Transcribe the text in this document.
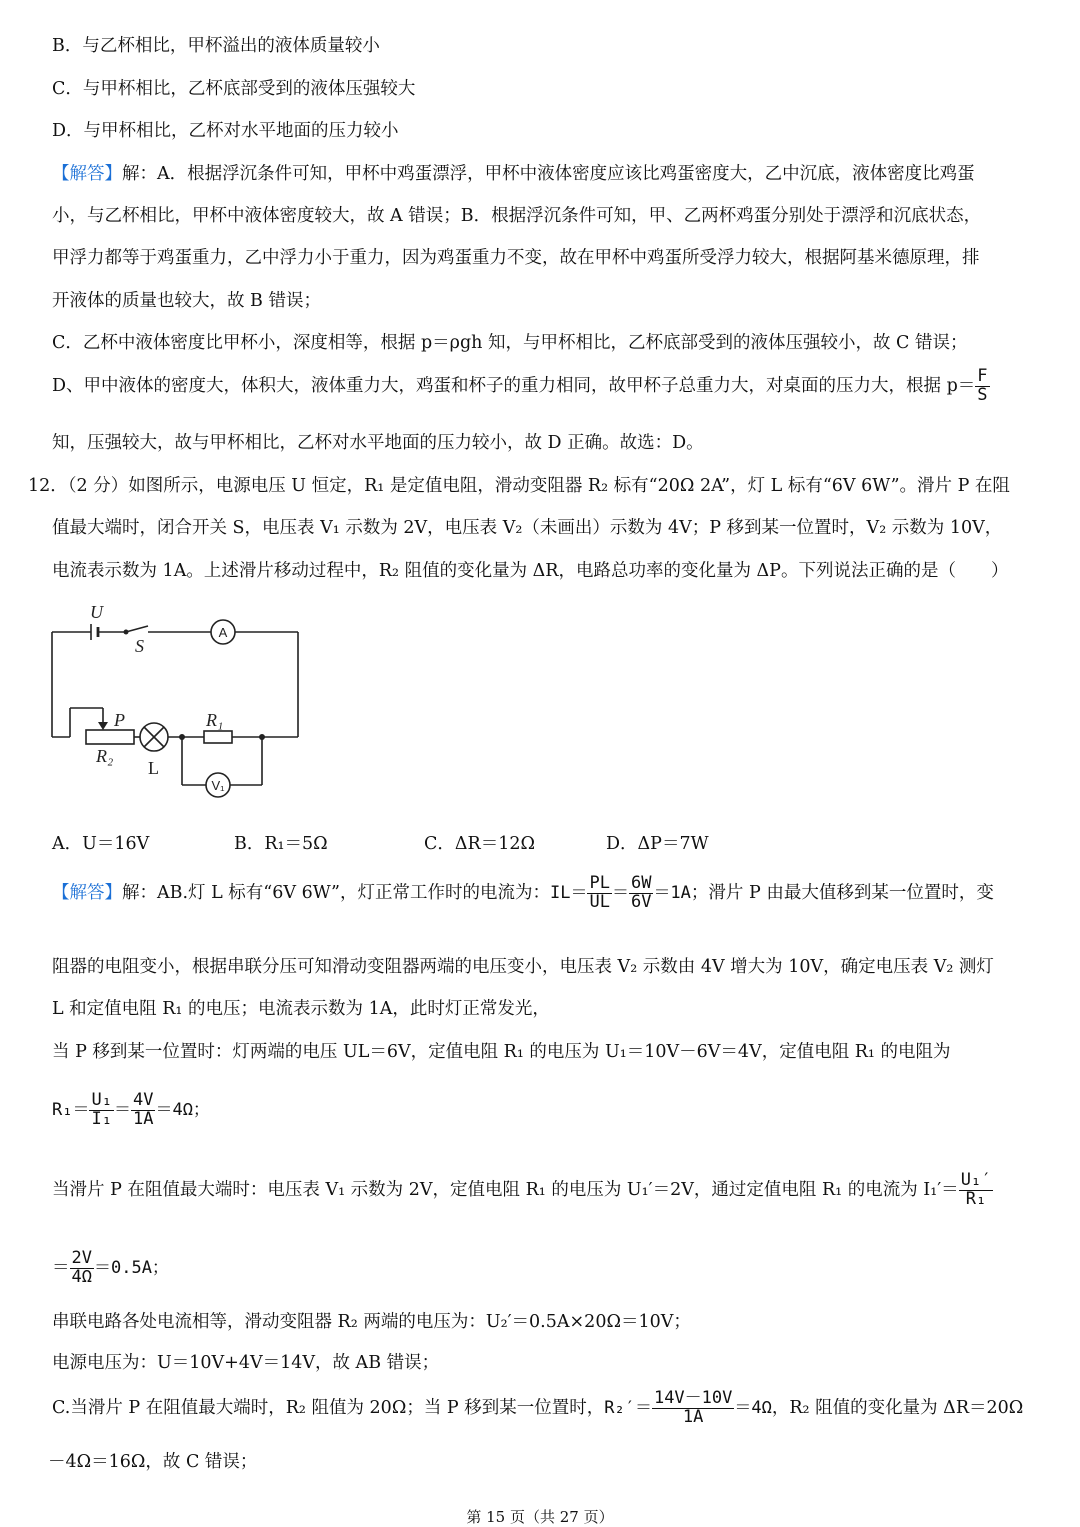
B．与乙杯相比，甲杯溢出的液体质量较小
C．与甲杯相比，乙杯底部受到的液体压强较大
D．与甲杯相比，乙杯对水平地面的压力较小
【解答】解：A．根据浮沉条件可知，甲杯中鸡蛋漂浮，甲杯中液体密度应该比鸡蛋密度大，乙中沉底，液体密度比鸡蛋
小，与乙杯相比，甲杯中液体密度较大，故 A 错误；B．根据浮沉条件可知，甲、乙两杯鸡蛋分别处于漂浮和沉底状态，
甲浮力都等于鸡蛋重力，乙中浮力小于重力，因为鸡蛋重力不变，故在甲杯中鸡蛋所受浮力较大，根据阿基米德原理，排
开液体的质量也较大，故 B 错误；
C．乙杯中液体密度比甲杯小，深度相等，根据 p＝ρgh 知，与甲杯相比，乙杯底部受到的液体压强较小，故 C 错误；
D、甲中液体的密度大，体积大，液体重力大，鸡蛋和杯子的重力相同，故甲杯子总重力大，对桌面的压力大，根据 $p= \frac{F}{S}$
知，压强较大，故与甲杯相比，乙杯对水平地面的压力较小，故 D 正确。故选：D。
12．（2 分）如图所示，电源电压 U 恒定，R₁ 是定值电阻，滑动变阻器 R₂ 标有“20Ω 2A”，灯 L 标有“6V 6W”。滑片 P 在阻
值最大端时，闭合开关 S，电压表 V₁ 示数为 2V，电压表 V₂（未画出）示数为 4V；P 移到某一位置时，V₂ 示数为 10V，
电流表示数为 1A。上述滑片移动过程中，R₂ 阻值的变化量为 ΔR，电路总功率的变化量为 ΔP。下列说法正确的是（　　）
U
S
P	R₁
R₂
L
A
V₁
A．U＝16V	B．R₁＝5Ω	C．ΔR＝12Ω	D．ΔP＝7W
【解答】解：AB.灯 L 标有“6V 6W”，灯正常工作时的电流为：$IL= \frac{PL}{UL} = \frac{6W}{6V} =1A$；滑片 P 由最大值移到某一位置时，变
阻器的电阻变小，根据串联分压可知滑动变阻器两端的电压变小，电压表 V₂ 示数由 4V 增大为 10V，确定电压表 V₂ 测灯
L 和定值电阻 R₁ 的电压；电流表示数为 1A，此时灯正常发光，
当 P 移到某一位置时：灯两端的电压 UL＝6V，定值电阻 R₁ 的电压为 U₁＝10V－6V＝4V，定值电阻 R₁ 的电阻为
$R_1= \frac{\text{U₁}}{\text{I₁}} = \frac{4V}{1A} =4\Omega$；
当滑片 P 在阻值最大端时：电压表 V₁ 示数为 2V，定值电阻 R₁ 的电压为 U₁′＝2V，通过定值电阻 R₁ 的电流为 $I_1'= \frac{\text{U₁′}}{\text{R₁}}$
＝ $\frac{2V}{4\Omega} =0.5A$；
串联电路各处电流相等，滑动变阻器 R₂ 两端的电压为：U₂′＝0.5A×20Ω＝10V；
电源电压为：U＝10V+4V＝14V，故 AB 错误；
C.当滑片 P 在阻值最大端时，R₂ 阻值为 20Ω；当 P 移到某一位置时，$R_2'= \frac{14V-10V}{1A} =4\Omega$，R₂ 阻值的变化量为 ΔR＝20Ω
－4Ω＝16Ω，故 C 错误；
第 15 页（共 27 页）
